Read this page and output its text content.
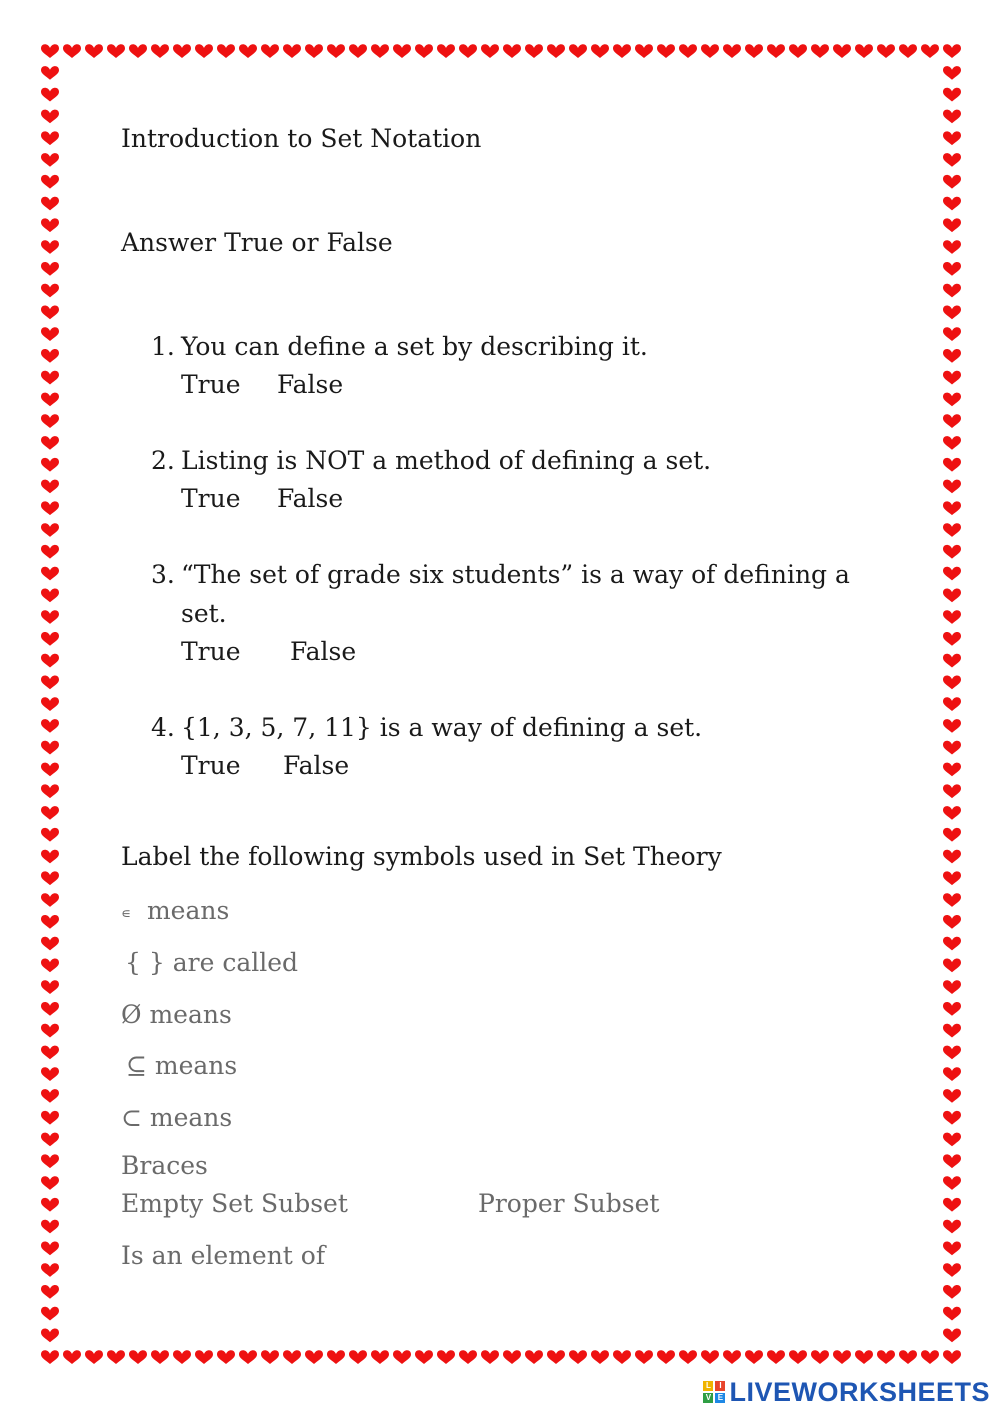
Introduction to Set Notation

Answer True or False

1. You can define a set by describing it.
True False
2. Listing is NOT a method of defining a set.
True False
3. “The set of grade six students” is a way of defining a
set.
True False
4. {1, 3, 5, 7, 11} is a way of defining a set.
True False

Label the following symbols used in Set Theory

∊ means
{ } are called
Ø means
⊆ means
⊂ means
Braces
Empty Set Subset	Proper Subset
Is an element of
L	I
V E LIVEWORKSHEETS
